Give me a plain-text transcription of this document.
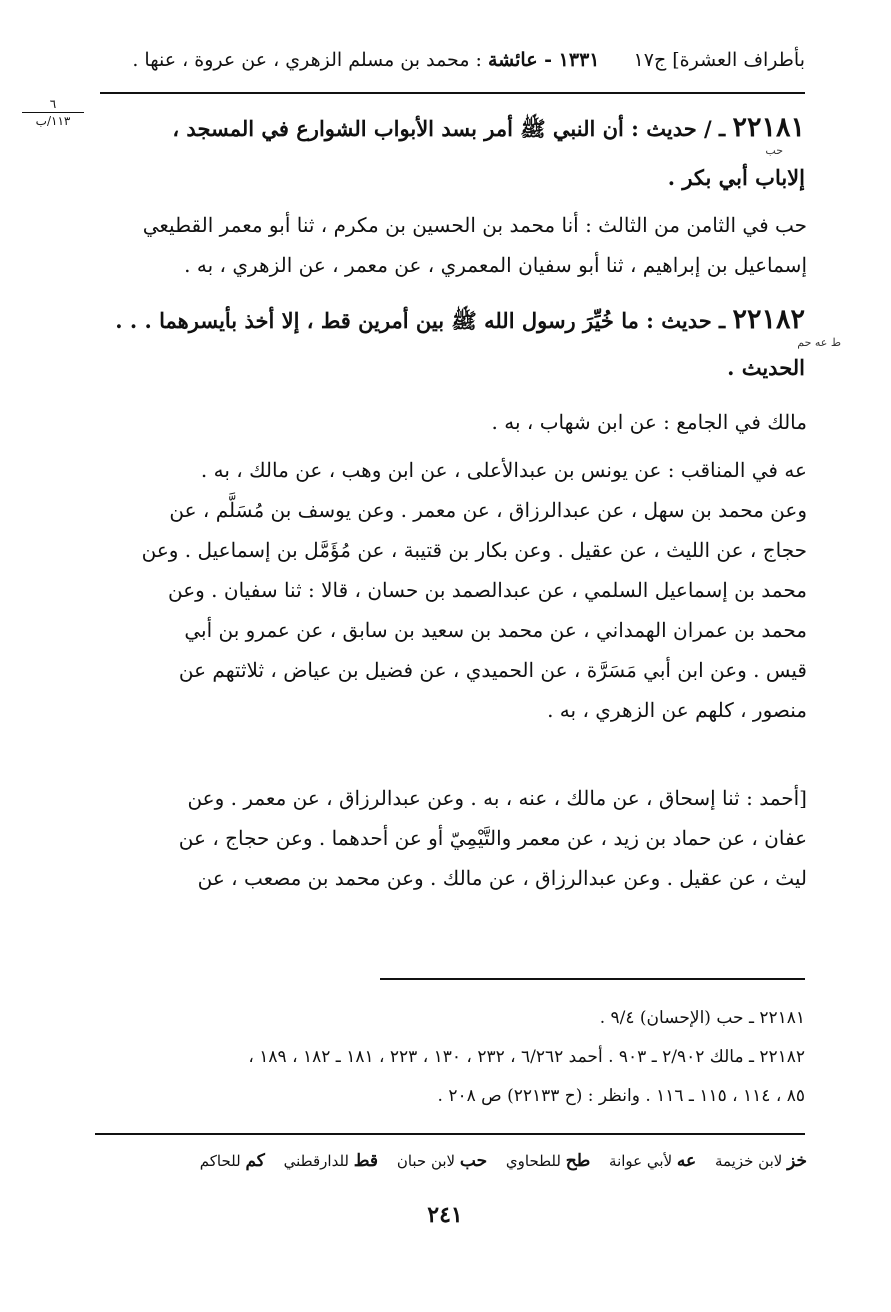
بأطراف العشرة] ج١٧ ١٣٣١ - عائشة : محمد بن مسلم الزهري ، عن عروة ، عنها .
٦
١١٣/ب	٢٢١٨١ ـ / حديث : أن النبي ﷺ أمر بسد الأبواب الشوارع في المسجد ،
حب
إلاباب أبي بكر .
حب في الثامن من الثالث : أنا محمد بن الحسين بن مكرم ، ثنا أبو معمر القطيعي
إسماعيل بن إبراهيم ، ثنا أبو سفيان المعمري ، عن معمر ، عن الزهري ، به .
٢٢١٨٢ ـ حديث : ما خُيِّرَ رسول الله ﷺ بين أمرين قط ، إلا أخذ بأيسرهما . . .
ط عه حم
الحديث .
مالك في الجامع : عن ابن شهاب ، به .
عه في المناقب : عن يونس بن عبدالأعلى ، عن ابن وهب ، عن مالك ، به .
وعن محمد بن سهل ، عن عبدالرزاق ، عن معمر . وعن يوسف بن مُسَلَّم ، عن
حجاج ، عن الليث ، عن عقيل . وعن بكار بن قتيبة ، عن مُؤَمَّل بن إسماعيل . وعن
محمد بن إسماعيل السلمي ، عن عبدالصمد بن حسان ، قالا : ثنا سفيان . وعن
محمد بن عمران الهمداني ، عن محمد بن سعيد بن سابق ، عن عمرو بن أبي
قيس . وعن ابن أبي مَسَرَّة ، عن الحميدي ، عن فضيل بن عياض ، ثلاثتهم عن
منصور ، كلهم عن الزهري ، به .
[أحمد : ثنا إسحاق ، عن مالك ، عنه ، به . وعن عبدالرزاق ، عن معمر . وعن
عفان ، عن حماد بن زيد ، عن معمر والتَّيْمِيّ أو عن أحدهما . وعن حجاج ، عن
ليث ، عن عقيل . وعن عبدالرزاق ، عن مالك . وعن محمد بن مصعب ، عن
٢٢١٨١ ـ حب (الإحسان) ٩/٤ .
٢٢١٨٢ ـ مالك ٢/٩٠٢ ـ ٩٠٣ . أحمد ٦/٢٦٢ ، ٢٣٢ ، ١٣٠ ، ٢٢٣ ، ١٨١ ـ ١٨٢ ، ١٨٩ ،
٨٥ ، ١١٤ ، ١١٥ ـ ١١٦ . وانظر : (ح ٢٢١٣٣) ص ٢٠٨ .
خز لابن خزيمة عه لأبي عوانة طح للطحاوي حب لابن حبان قط للدارقطني كم للحاكم
٢٤١
